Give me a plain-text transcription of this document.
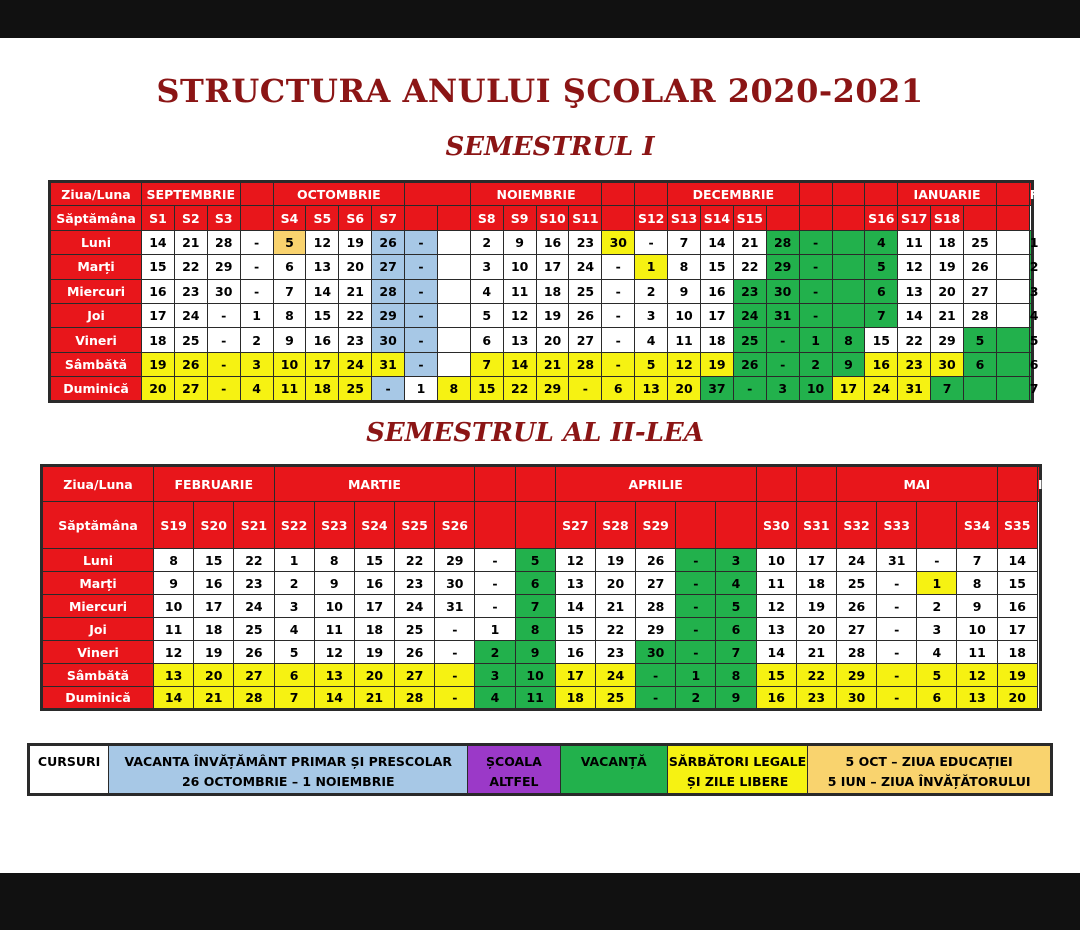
STRUCTURA ANULUI ŞCOLAR 2020-2021
SEMESTRUL I
Ziua/Luna	SEPTEMBRIE				OCTOMBRIE						NOIEMBRIE						DECEMBRIE							IANUARIE				FEBR.
Săptămâna	S1	S2	S3		S4	S5	S6	S7			S8	S9	S10	S11		S12	S13	S14	S15				S16	S17	S18			
Luni	14	21	28	-	5	12	19	26	-		2	9	16	23	30	-	7	14	21	28	-		4	11	18	25		1
Marți	15	22	29	-	6	13	20	27	-		3	10	17	24	-	1	8	15	22	29	-		5	12	19	26		2
Miercuri	16	23	30	-	7	14	21	28	-		4	11	18	25	-	2	9	16	23	30	-		6	13	20	27		3
Joi	17	24	-	1	8	15	22	29	-		5	12	19	26	-	3	10	17	24	31	-		7	14	21	28		4
Vineri	18	25	-	2	9	16	23	30	-		6	13	20	27	-	4	11	18	25	-	1	8	15	22	29	5		5
Sâmbătă	19	26	-	3	10	17	24	31	-		7	14	21	28	-	5	12	19	26	-	2	9	16	23	30	6		6
Duminică	20	27	-	4	11	18	25	-	1	8	15	22	29	-	6	13	20	37	-	3	10	17	24	31	7			7
SEMESTRUL AL II-LEA
Ziua/Luna	FEBRUARIE			MARTIE							APRILIE							MAI					IUNIE
Săptămâna	S19	S20	S21	S22	S23	S24	S25	S26			S27	S28	S29			S30	S31	S32	S33		S34	S35	
Luni	8	15	22	1	8	15	22	29	-	5	12	19	26	-	3	10	17	24	31	-	7	14	
Marți	9	16	23	2	9	16	23	30	-	6	13	20	27	-	4	11	18	25	-	1	8	15	
Miercuri	10	17	24	3	10	17	24	31	-	7	14	21	28	-	5	12	19	26	-	2	9	16	
Joi	11	18	25	4	11	18	25	-	1	8	15	22	29	-	6	13	20	27	-	3	10	17	
Vineri	12	19	26	5	12	19	26	-	2	9	16	23	30	-	7	14	21	28	-	4	11	18	
Sâmbătă	13	20	27	6	13	20	27	-	3	10	17	24	-	1	8	15	22	29	-	5	12	19	
Duminică	14	21	28	7	14	21	28	-	4	11	18	25	-	2	9	16	23	30	-	6	13	20	
CURSURI	VACANTA ÎNVĂȚĂMÂNT PRIMAR ȘI PRESCOLAR
26 OCTOMBRIE – 1 NOIEMBRIE

ȘCOALA
ALTFEL
	VACANȚĂ	SĂRBĂTORI LEGALE
ȘI ZILE LIBERE

5 OCT – ZIUA EDUCAȚIEI
5 IUN – ZIUA ÎNVĂȚĂTORULUI
